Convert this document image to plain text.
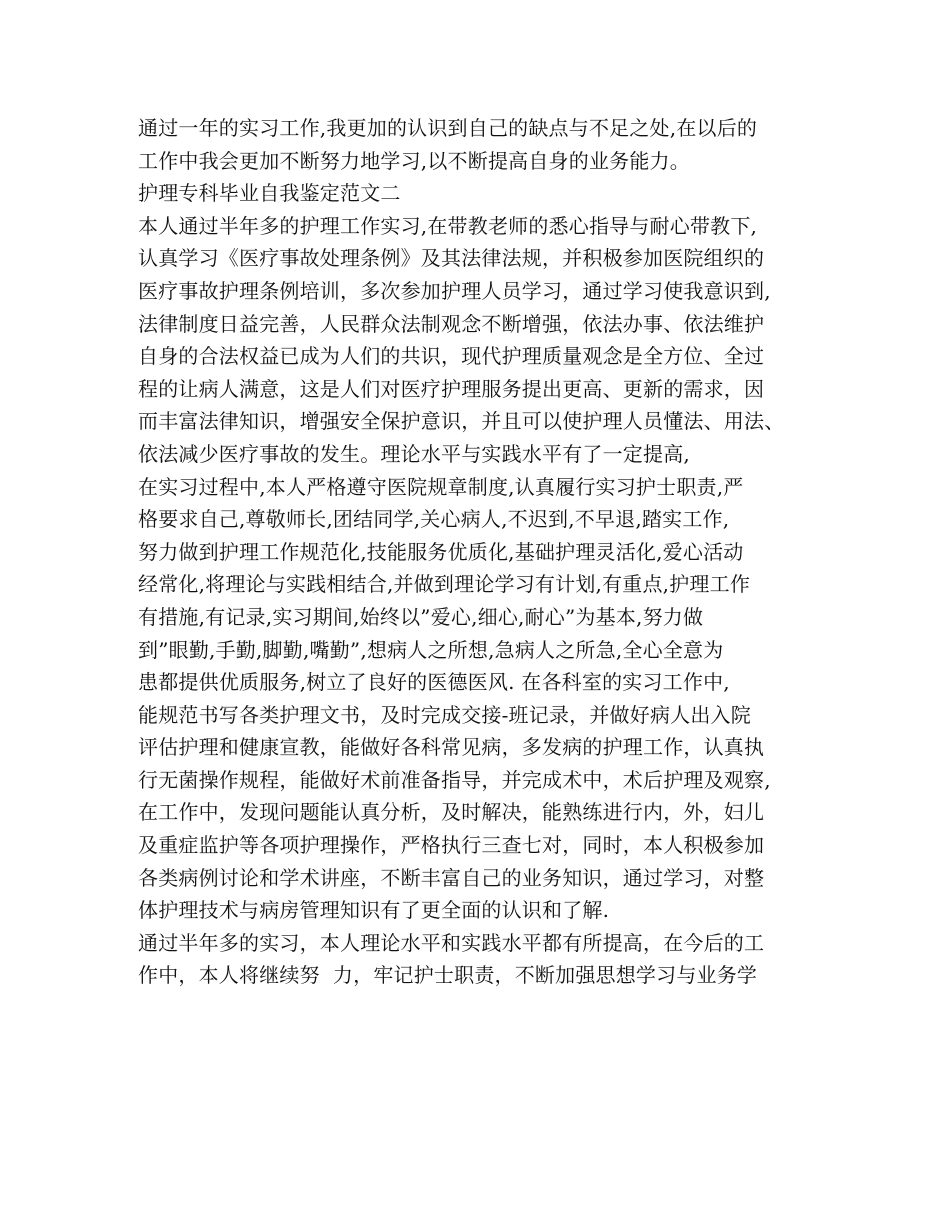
通过一年的实习工作,我更加的认识到自己的缺点与不足之处,在以后的
工作中我会更加不断努力地学习,以不断提高自身的业务能力。
护理专科毕业自我鉴定范文二
本人通过半年多的护理工作实习,在带教老师的悉心指导与耐心带教下,
认真学习《医疗事故处理条例》及其法律法规，并积极参加医院组织的
医疗事故护理条例培训，多次参加护理人员学习，通过学习使我意识到,
法律制度日益完善，人民群众法制观念不断增强，依法办事、依法维护
自身的合法权益已成为人们的共识，现代护理质量观念是全方位、全过
程的让病人满意，这是人们对医疗护理服务提出更高、更新的需求，因
而丰富法律知识，增强安全保护意识，并且可以使护理人员懂法、用法、
依法减少医疗事故的发生。理论水平与实践水平有了一定提高,
在实习过程中,本人严格遵守医院规章制度,认真履行实习护士职责,严
格要求自己,尊敬师长,团结同学,关心病人,不迟到,不早退,踏实工作,
努力做到护理工作规范化,技能服务优质化,基础护理灵活化,爱心活动
经常化,将理论与实践相结合,并做到理论学习有计划,有重点,护理工作
有措施,有记录,实习期间,始终以”爱心,细心,耐心”为基本,努力做
到”眼勤,手勤,脚勤,嘴勤”,想病人之所想,急病人之所急,全心全意为
患都提供优质服务,树立了良好的医德医风. 在各科室的实习工作中,
能规范书写各类护理文书，及时完成交接-班记录，并做好病人出入院
评估护理和健康宣教，能做好各科常见病，多发病的护理工作，认真执
行无菌操作规程，能做好术前准备指导，并完成术中，术后护理及观察,
在工作中，发现问题能认真分析，及时解决，能熟练进行内，外，妇儿
及重症监护等各项护理操作，严格执行三查七对，同时，本人积极参加
各类病例讨论和学术讲座，不断丰富自己的业务知识，通过学习，对整
体护理技术与病房管理知识有了更全面的认识和了解.
通过半年多的实习，本人理论水平和实践水平都有所提高，在今后的工
作中，本人将继续努  力，牢记护士职责，不断加强思想学习与业务学
